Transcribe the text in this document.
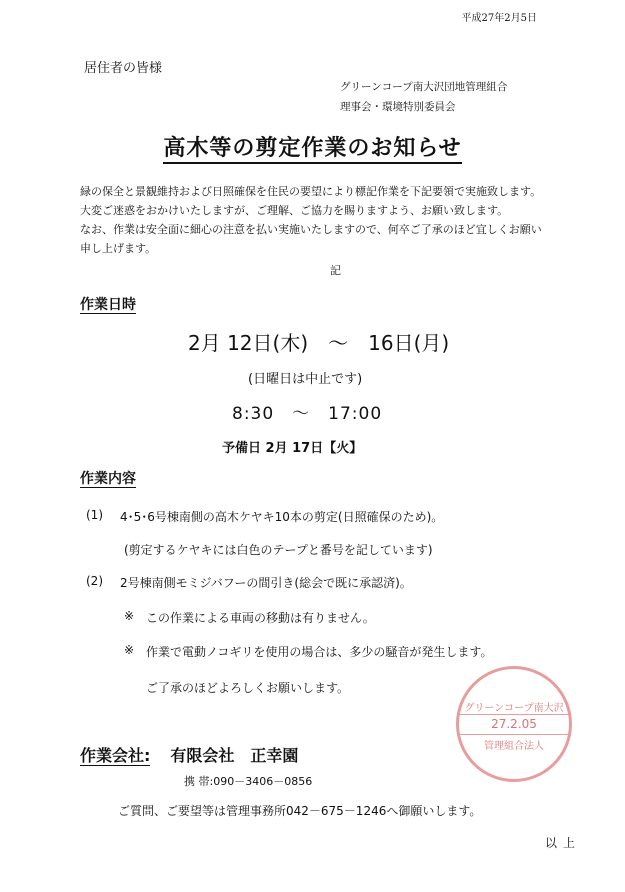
平成27年2月5日
居住者の皆様
グリーンコープ南大沢団地管理組合
理事会・環境特別委員会
高木等の剪定作業のお知らせ
緑の保全と景観維持および日照確保を住民の要望により標記作業を下記要領で実施致します。
大変ご迷惑をおかけいたしますが、ご理解、ご協力を賜りますよう、お願い致します。
なお、作業は安全面に細心の注意を払い実施いたしますので、何卒ご了承のほど宜しくお願い
申し上げます。
記
作業日時
2月 12日(木)　～　16日(月)
(日曜日は中止です)
8:30　～　17:00
予備日 2月 17日【火】
作業内容
(1) 4･5･6号棟南側の高木ケヤキ10本の剪定(日照確保のため)。
(剪定するケヤキには白色のテープと番号を記しています)
(2) 2号棟南側モミジバフーの間引き(総会で既に承認済)。
※ この作業による車両の移動は有りません。
※ 作業で電動ノコギリを使用の場合は、多少の騒音が発生します。
ご了承のほどよろしくお願いします。
グリーンコープ南大沢
27.2.05
管理組合法人
作業会社: 有限会社　正幸園
携 帯:090－3406－0856
ご質問、ご要望等は管理事務所042－675－1246へ御願いします。
以上
